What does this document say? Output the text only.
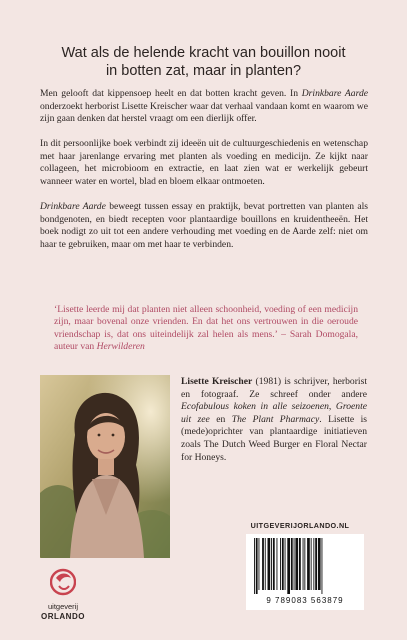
Wat als de helende kracht van bouillon nooit
in botten zat, maar in planten?

Men gelooft dat kippensoep heelt en dat botten kracht geven. In Drinkbare Aarde onderzoekt herborist Lisette Kreischer waar dat verhaal vandaan komt en waarom we zijn gaan denken dat herstel vraagt om een dierlijk offer.

In dit persoonlijke boek verbindt zij ideeën uit de cultuurgeschiedenis en wetenschap met haar jarenlange ervaring met planten als voeding en medicijn. Ze kijkt naar collageen, het microbioom en extractie, en laat zien wat er werkelijk gebeurt wanneer water en wortel, blad en bloem elkaar ontmoeten.

Drinkbare Aarde beweegt tussen essay en praktijk, bevat portretten van planten als bondgenoten, en biedt recepten voor plantaardige bouillons en kruidentheeën. Het boek nodigt zo uit tot een andere verhouding met voeding en de Aarde zelf: niet om haar te gebruiken, maar om met haar te verbinden.

‘Lisette leerde mij dat planten niet alleen schoonheid, voeding of een medicijn zijn, maar bovenal onze vrienden. En dat het ons vertrouwen in die oeroude vriendschap is, dat ons uiteindelijk zal helen als mens.’ – Sarah Domogala, auteur van Herwilderen
Lisette Kreischer (1981) is schrijver, herborist en fotograaf. Ze schreef onder andere Ecofabulous koken in alle seizoenen, Groente uit zee en The Plant Pharmacy. Lisette is (mede)oprichter van plantaardige initiatieven zoals The Dutch Weed Burger en Floral Nectar for Honeys.
UITGEVERIJORLANDO.NL
9 789083 563879
uitgeverij
ORLANDO
